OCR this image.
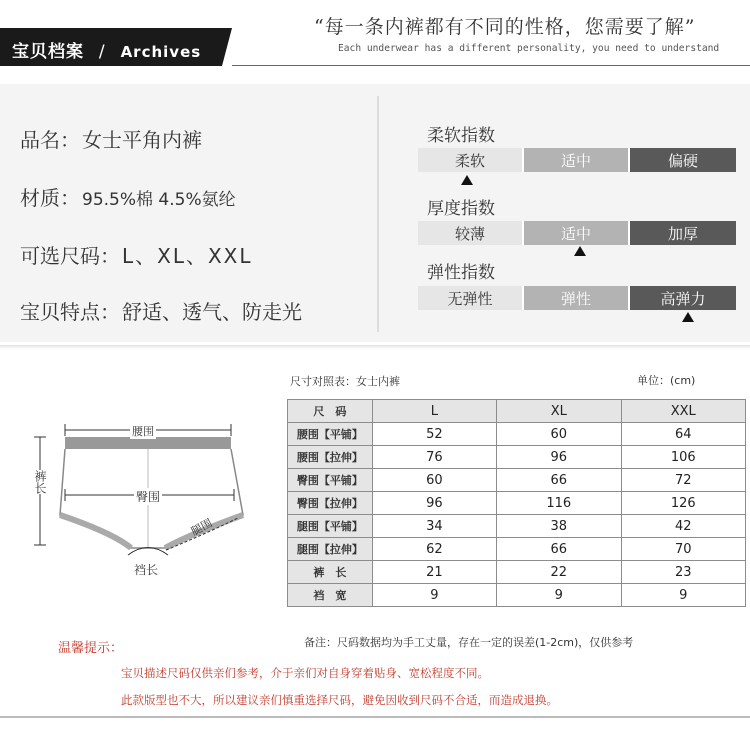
宝贝档案 / Archives
“每一条内裤都有不同的性格，您需要了解”
Each underwear has a different personality, you need to understand
品名： 女士平角内裤
材质： 95.5%棉 4.5%氨纶
可选尺码： L、XL、XXL
宝贝特点： 舒适、透气、防走光
柔软指数
柔软	适中	偏硬
厚度指数
较薄	适中	加厚
弹性指数
无弹性	弹性	高弹力
腰围
臀围
裤长
腿围
裆长
尺寸对照表：女士内裤	单位：(cm)
尺　码	L	XL	XXL
腰围【平铺】	52	60	64
腰围【拉伸】	76	96	106
臀围【平铺】	60	66	72
臀围【拉伸】	96	116	126
腿围【平铺】	34	38	42
腿围【拉伸】	62	66	70
裤　长	21	22	23
裆　宽	9	9	9
备注：尺码数据均为手工丈量，存在一定的误差(1-2cm)，仅供参考
温馨提示：
宝贝描述尺码仅供亲们参考，介于亲们对自身穿着贴身、宽松程度不同。
此款版型也不大，所以建议亲们慎重选择尺码，避免因收到尺码不合适，而造成退换。
